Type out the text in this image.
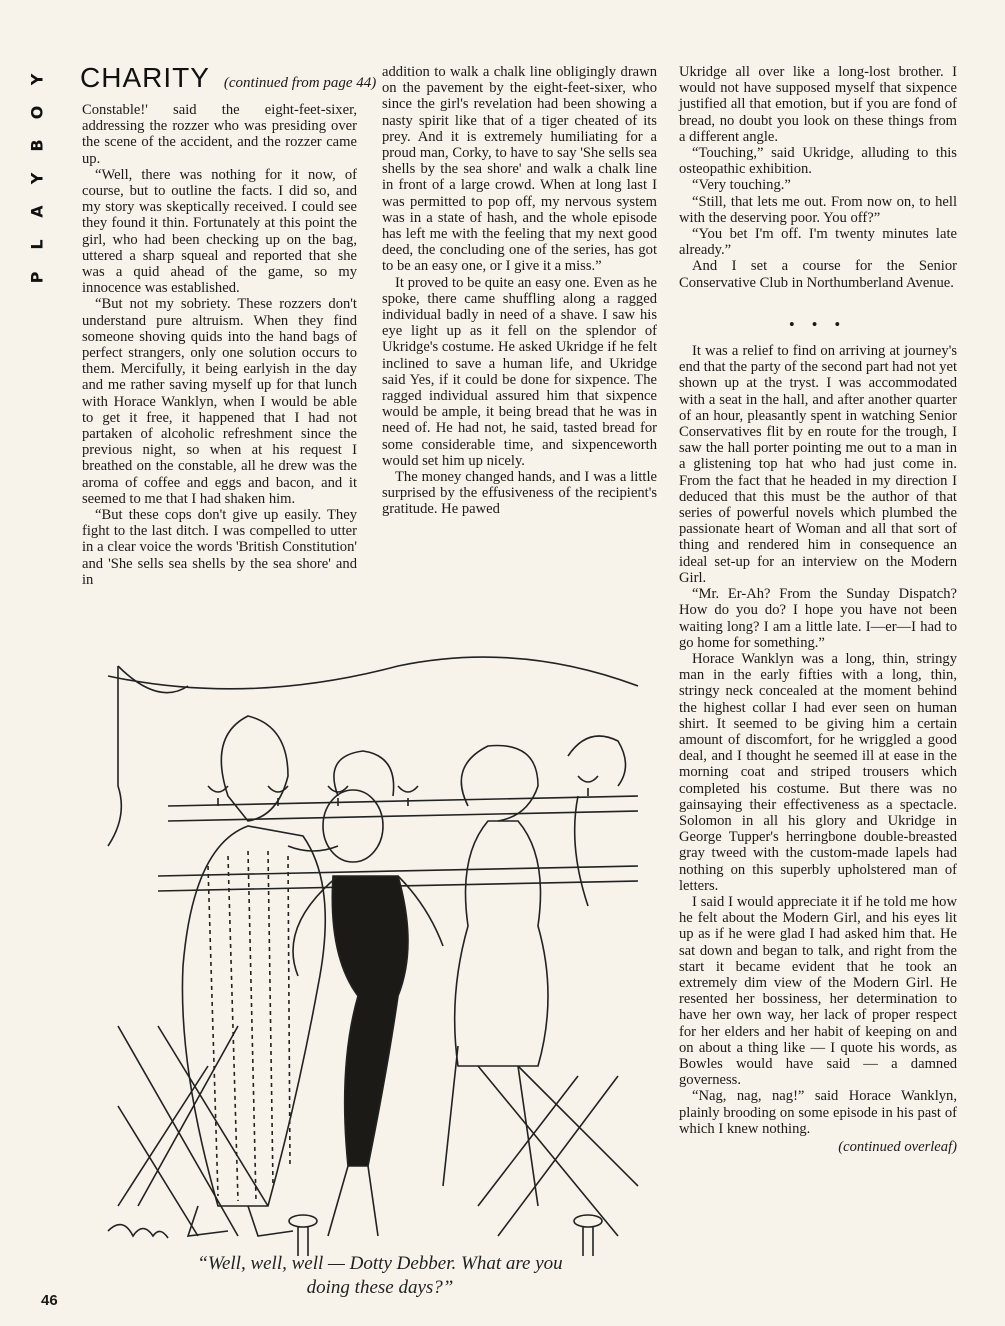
Y
O
B
Y
A
L
P
CHARITY (continued from page 44)

Constable!' said the eight-feet-sixer, addressing the rozzer who was presiding over the scene of the accident, and the rozzer came up.

“Well, there was nothing for it now, of course, but to outline the facts. I did so, and my story was skeptically received. I could see they found it thin. Fortunately at this point the girl, who had been checking up on the bag, uttered a sharp squeal and reported that she was a quid ahead of the game, so my innocence was established.

“But not my sobriety. These rozzers don't understand pure altruism. When they find someone shoving quids into the hand bags of perfect strangers, only one solution occurs to them. Mercifully, it being earlyish in the day and me rather saving myself up for that lunch with Horace Wanklyn, when I would be able to get it free, it happened that I had not partaken of alcoholic refreshment since the previous night, so when at his request I breathed on the constable, all he drew was the aroma of coffee and eggs and bacon, and it seemed to me that I had shaken him.

“But these cops don't give up easily. They fight to the last ditch. I was compelled to utter in a clear voice the words 'British Constitution' and 'She sells sea shells by the sea shore' and in

addition to walk a chalk line obligingly drawn on the pavement by the eight-feet-sixer, who since the girl's revelation had been showing a nasty spirit like that of a tiger cheated of its prey. And it is extremely humiliating for a proud man, Corky, to have to say 'She sells sea shells by the sea shore' and walk a chalk line in front of a large crowd. When at long last I was permitted to pop off, my nervous system was in a state of hash, and the whole episode has left me with the feeling that my next good deed, the concluding one of the series, has got to be an easy one, or I give it a miss.”

It proved to be quite an easy one. Even as he spoke, there came shuffling along a ragged individual badly in need of a shave. I saw his eye light up as it fell on the splendor of Ukridge's costume. He asked Ukridge if he felt inclined to save a human life, and Ukridge said Yes, if it could be done for sixpence. The ragged individual assured him that sixpence would be ample, it being bread that he was in need of. He had not, he said, tasted bread for some considerable time, and sixpenceworth would set him up nicely.

The money changed hands, and I was a little surprised by the effusiveness of the recipient's gratitude. He pawed

Ukridge all over like a long-lost brother. I would not have supposed myself that sixpence justified all that emotion, but if you are fond of bread, no doubt you look on these things from a different angle.

“Touching,” said Ukridge, alluding to this osteopathic exhibition.

“Very touching.”

“Still, that lets me out. From now on, to hell with the deserving poor. You off?”

“You bet I'm off. I'm twenty minutes late already.”

And I set a course for the Senior Conservative Club in Northumberland Avenue.

• • •

It was a relief to find on arriving at journey's end that the party of the second part had not yet shown up at the tryst. I was accommodated with a seat in the hall, and after another quarter of an hour, pleasantly spent in watching Senior Conservatives flit by en route for the trough, I saw the hall porter pointing me out to a man in a glistening top hat who had just come in. From the fact that he headed in my direction I deduced that this must be the author of that series of powerful novels which plumbed the passionate heart of Woman and all that sort of thing and rendered him in consequence an ideal set-up for an interview on the Modern Girl.

“Mr. Er-Ah? From the Sunday Dispatch? How do you do? I hope you have not been waiting long? I am a little late. I—er—I had to go home for something.”

Horace Wanklyn was a long, thin, stringy man in the early fifties with a long, thin, stringy neck concealed at the moment behind the highest collar I had ever seen on human shirt. It seemed to be giving him a certain amount of discomfort, for he wriggled a good deal, and I thought he seemed ill at ease in the morning coat and striped trousers which completed his costume. But there was no gainsaying their effectiveness as a spectacle. Solomon in all his glory and Ukridge in George Tupper's herringbone double-breasted gray tweed with the custom-made lapels had nothing on this superbly upholstered man of letters.

I said I would appreciate it if he told me how he felt about the Modern Girl, and his eyes lit up as if he were glad I had asked him that. He sat down and began to talk, and right from the start it became evident that he took an extremely dim view of the Modern Girl. He resented her bossiness, her determination to have her own way, her lack of proper respect for her elders and her habit of keeping on and on about a thing like — I quote his words, as Bowles would have said — a damned governess.

“Nag, nag, nag!” said Horace Wanklyn, plainly brooding on some episode in his past of which I knew nothing.

(continued overleaf)

“Well, well, well — Dotty Debber. What are you
doing these days?”
46
